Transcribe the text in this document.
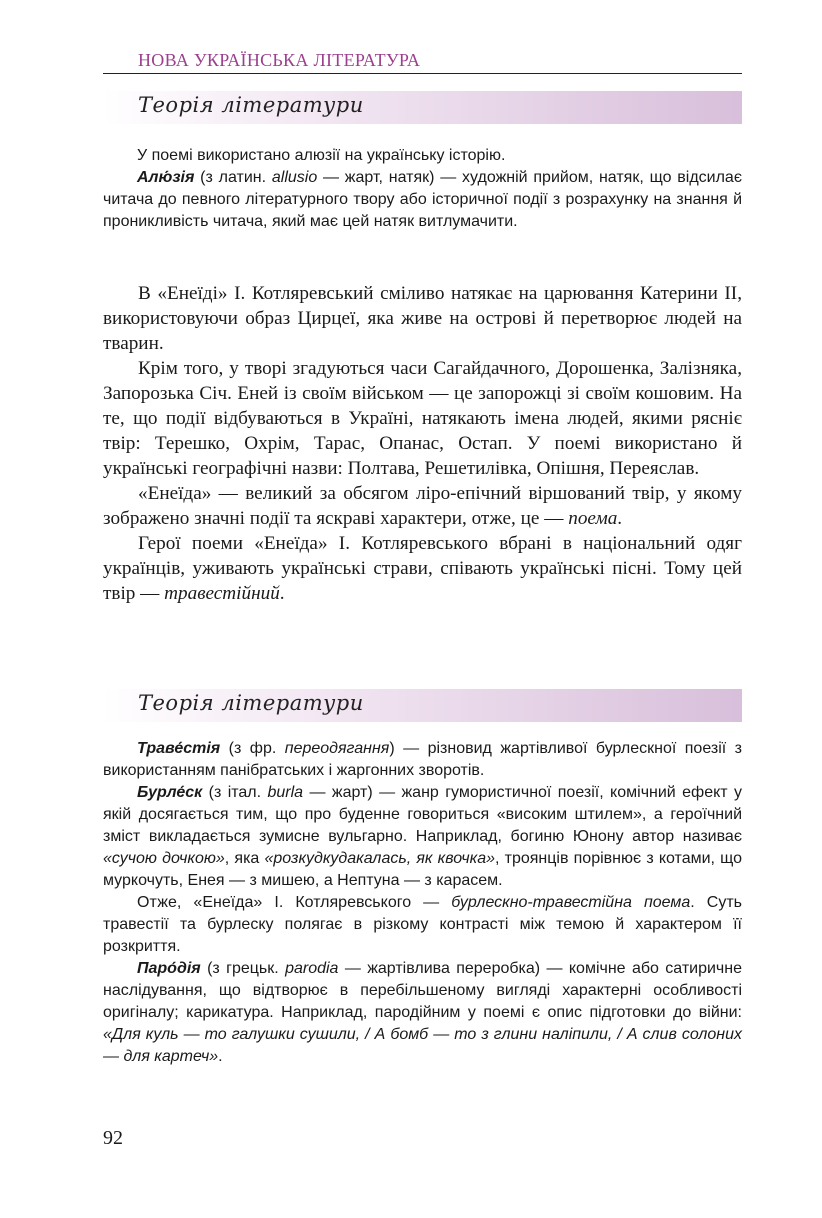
НОВА УКРАЇНСЬКА ЛІТЕРАТУРА
Теорія літератури

У поемі використано алюзії на українську історію.

Алю́зія (з латин. allusio — жарт, натяк) — художній прийом, натяк, що відсилає читача до певного літературного твору або історичної події з розрахунку на знання й проникливість читача, який має цей натяк витлумачити.

В «Енеїді» І. Котляревський сміливо натякає на царювання Катерини ІІ, використовуючи образ Цирцеї, яка живе на острові й перетворює людей на тварин.

Крім того, у творі згадуються часи Сагайдачного, Дорошенка, Залізняка, Запорозька Січ. Еней із своїм військом — це запорожці зі своїм кошовим. На те, що події відбуваються в Україні, натякають імена людей, якими рясніє твір: Терешко, Охрім, Тарас, Опанас, Остап. У поемі використано й українські географічні назви: Полтава, Решетилівка, Опішня, Переяслав.

«Енеїда» — великий за обсягом ліро-епічний віршований твір, у якому зображено значні події та яскраві характери, отже, це — поема.

Герої поеми «Енеїда» І. Котляревського вбрані в національний одяг українців, уживають українські страви, співають українські пісні. Тому цей твір — травестійний.

Теорія літератури

Траве́стія (з фр. переодягання) — різновид жартівливої бурлескної поезії з використанням панібратських і жаргонних зворотів.

Бурле́ск (з італ. burla — жарт) — жанр гумористичної поезії, комічний ефект у якій досягається тим, що про буденне говориться «високим штилем», а героїчний зміст викладається зумисне вульгарно. Наприклад, богиню Юнону автор називає «сучою дочкою», яка «розкудкудакалась, як квочка», троянців порівнює з котами, що муркочуть, Енея — з мишею, а Нептуна — з карасем.

Отже, «Енеїда» І. Котляревського — бурлескно-травестійна поема. Суть травестії та бурлеску полягає в різкому контрасті між темою й характером її розкриття.

Паро́дія (з грецьк. parodia — жартівлива переробка) — комічне або сатиричне наслідування, що відтворює в перебільшеному вигляді характерні особливості оригіналу; карикатура. Наприклад, пародійним у поемі є опис підготовки до війни: «Для куль — то галушки сушили, / А бомб — то з глини наліпили, / А слив солоних — для картеч».

92
